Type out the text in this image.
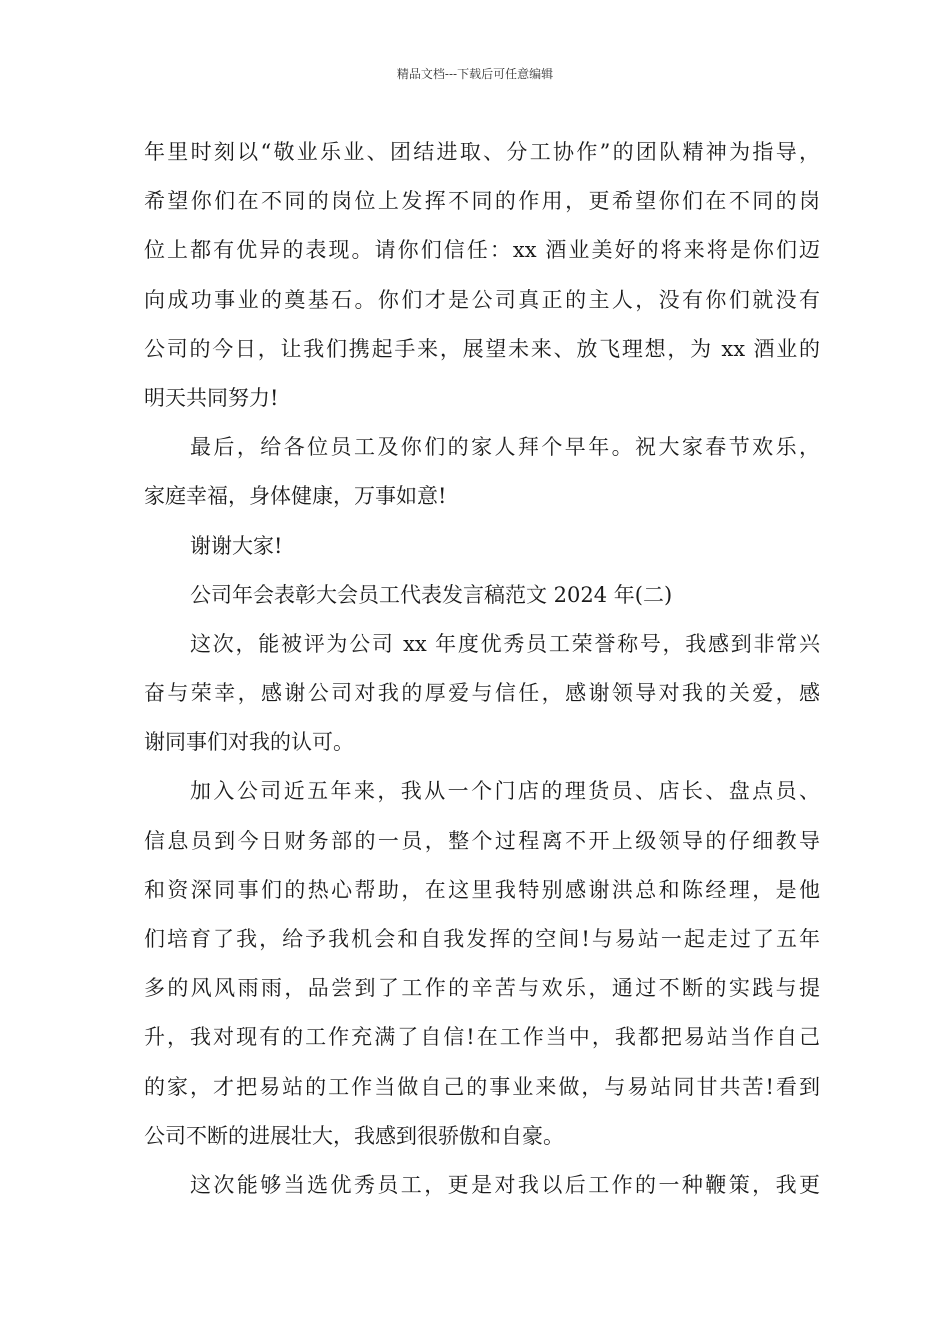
精品文档---下载后可任意编辑
年里时刻以“敬业乐业、团结进取、分工协作”的团队精神为指导，
希望你们在不同的岗位上发挥不同的作用，更希望你们在不同的岗
位上都有优异的表现。请你们信任：xx 酒业美好的将来将是你们迈
向成功事业的奠基石。你们才是公司真正的主人，没有你们就没有
公司的今日，让我们携起手来，展望未来、放飞理想，为 xx 酒业的
明天共同努力!
最后，给各位员工及你们的家人拜个早年。祝大家春节欢乐，
家庭幸福，身体健康，万事如意!
谢谢大家!
公司年会表彰大会员工代表发言稿范文 2024 年(二)
这次，能被评为公司 xx 年度优秀员工荣誉称号，我感到非常兴
奋与荣幸，感谢公司对我的厚爱与信任，感谢领导对我的关爱，感
谢同事们对我的认可。
加入公司近五年来，我从一个门店的理货员、店长、盘点员、
信息员到今日财务部的一员，整个过程离不开上级领导的仔细教导
和资深同事们的热心帮助，在这里我特别感谢洪总和陈经理，是他
们培育了我，给予我机会和自我发挥的空间!与易站一起走过了五年
多的风风雨雨，品尝到了工作的辛苦与欢乐，通过不断的实践与提
升，我对现有的工作充满了自信!在工作当中，我都把易站当作自己
的家，才把易站的工作当做自己的事业来做，与易站同甘共苦!看到
公司不断的进展壮大，我感到很骄傲和自豪。
这次能够当选优秀员工，更是对我以后工作的一种鞭策，我更
